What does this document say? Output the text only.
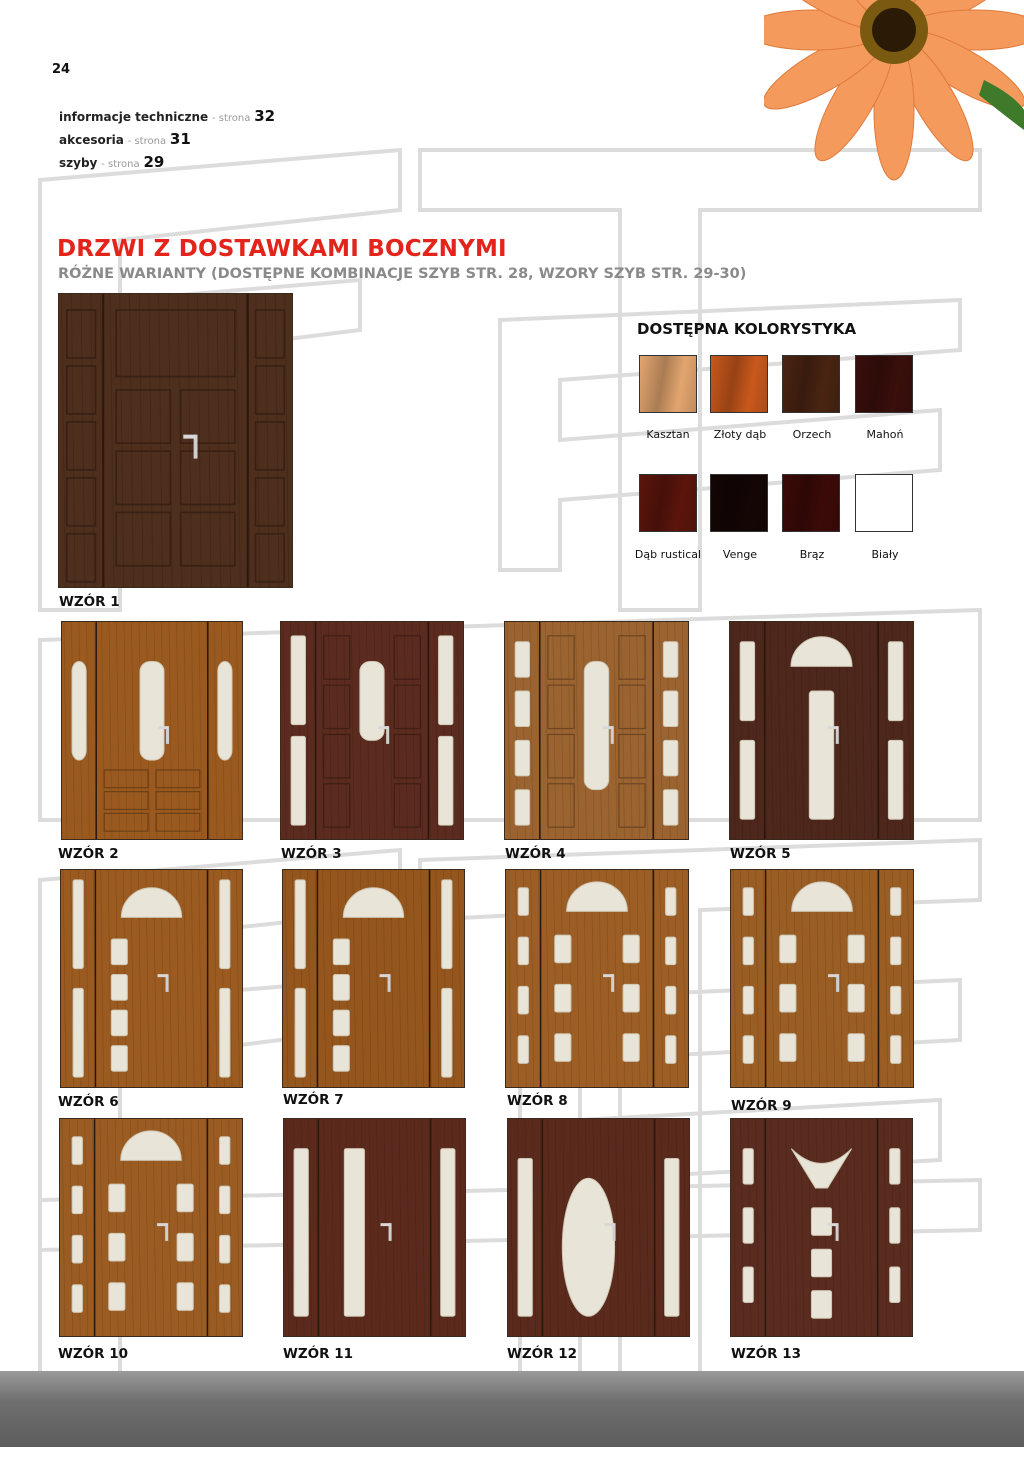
24
informacje techniczne - strona 32
akcesoria - strona 31
szyby - strona 29
DRZWI Z DOSTAWKAMI BOCZNYMI
RÓŻNE WARIANTY (DOSTĘPNE KOMBINACJE SZYB STR. 28, WZORY SZYB STR. 29-30)
DOSTĘPNA KOLORYSTYKA
Kasztan	Złoty dąb	Orzech	Mahoń
Dąb rustical	Venge	Brąz	Biały
WZÓR 1
WZÓR 2	WZÓR 3	WZÓR 4	WZÓR 5
WZÓR 6	WZÓR 7	WZÓR 8	WZÓR 9
WZÓR 10	WZÓR 11	WZÓR 12	WZÓR 13
